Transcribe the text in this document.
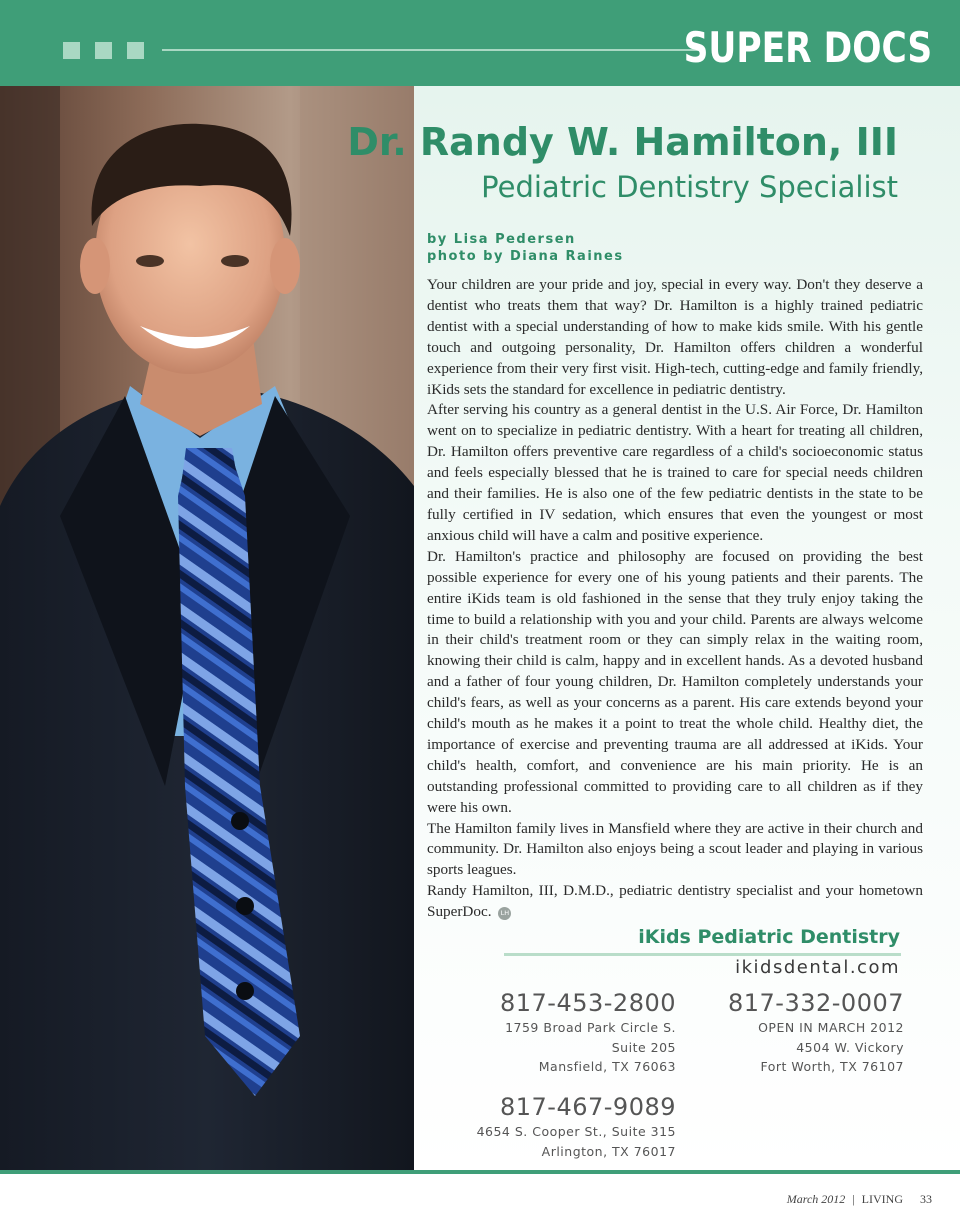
SUPER DOCS
Dr. Randy W. Hamilton, III
Pediatric Dentistry Specialist
by Lisa Pedersen
photo by Diana Raines

Your children are your pride and joy, special in every way. Don't they deserve a dentist who treats them that way? Dr. Hamilton is a highly trained pediatric dentist with a special understanding of how to make kids smile. With his gentle touch and outgoing personality, Dr. Hamilton offers children a wonderful experience from their very first visit. High-tech, cutting-edge and family friendly, iKids sets the standard for excellence in pediatric dentistry.

After serving his country as a general dentist in the U.S. Air Force, Dr. Hamilton went on to specialize in pediatric dentistry. With a heart for treating all children, Dr. Hamilton offers preventive care regardless of a child's socioeconomic status and feels especially blessed that he is trained to care for special needs children and their families. He is also one of the few pediatric dentists in the state to be fully certified in IV sedation, which ensures that even the youngest or most anxious child will have a calm and positive experience.

Dr. Hamilton's practice and philosophy are focused on providing the best possible experience for every one of his young patients and their parents. The entire iKids team is old fashioned in the sense that they truly enjoy taking the time to build a relationship with you and your child. Parents are always welcome in their child's treatment room or they can simply relax in the waiting room, knowing their child is calm, happy and in excellent hands. As a devoted husband and a father of four young children, Dr. Hamilton completely understands your child's fears, as well as your concerns as a parent. His care extends beyond your child's mouth as he makes it a point to treat the whole child. Healthy diet, the importance of exercise and preventing trauma are all addressed at iKids. Your child's health, comfort, and convenience are his main priority. He is an outstanding professional committed to providing care to all children as if they were his own.

The Hamilton family lives in Mansfield where they are active in their church and community. Dr. Hamilton also enjoys being a scout leader and playing in various sports leagues.

Randy Hamilton, III, D.M.D., pediatric dentistry specialist and your hometown SuperDoc. LH

iKids Pediatric Dentistry
ikidsdental.com
817-453-2800
1759 Broad Park Circle S.
Suite 205
Mansfield, TX 76063
817-332-0007
OPEN IN MARCH 2012
4504 W. Vickory
Fort Worth, TX 76107
817-467-9089
4654 S. Cooper St., Suite 315
Arlington, TX 76017
March 2012 | LIVING 33
